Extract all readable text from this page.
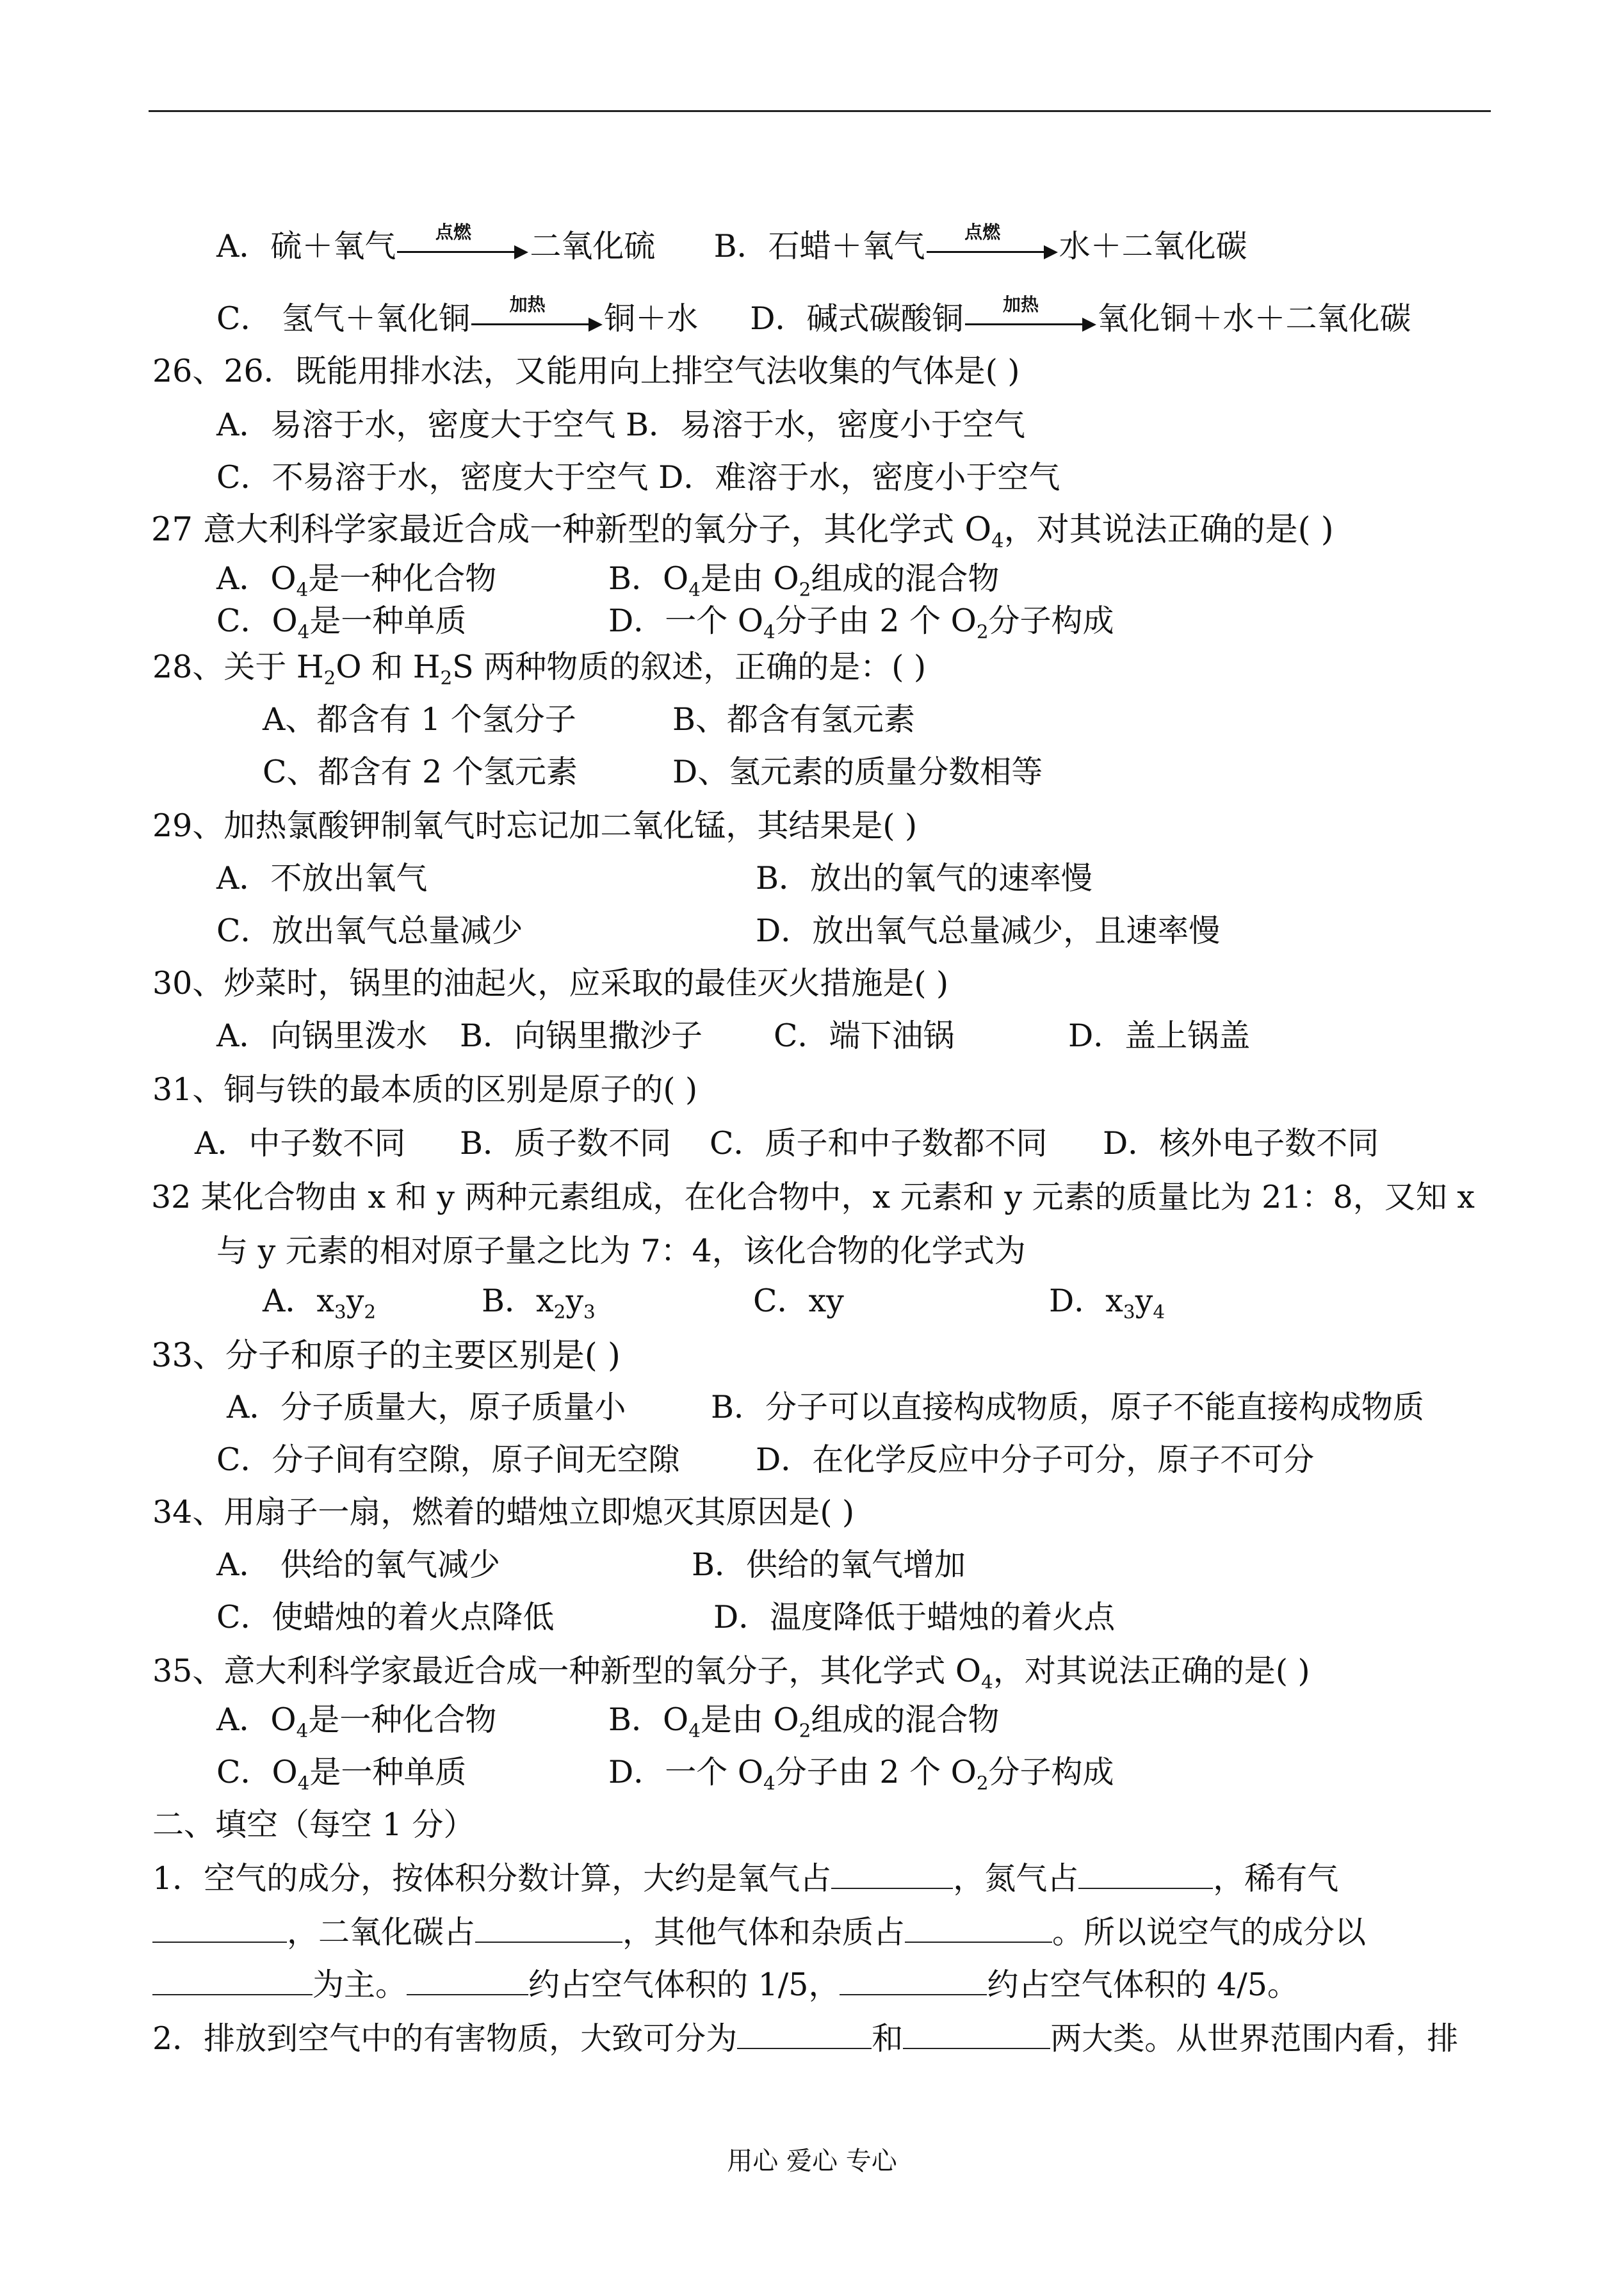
A．硫＋氧气	点燃	二氧化硫 B．石蜡＋氧气	点燃	水＋二氧化碳
C． 氢气＋氧化铜	加热	铜＋水 D．碱式碳酸铜	加热	氧化铜＋水＋二氧化碳
26、26．既能用排水法，又能用向上排空气法收集的气体是( )
A．易溶于水，密度大于空气 B．易溶于水，密度小于空气
C．不易溶于水，密度大于空气 D．难溶于水，密度小于空气
27 意大利科学家最近合成一种新型的氧分子，其化学式 $O_4$，对其说法正确的是( )
A．$O_4$是一种化合物	B．$O_4$是由 $O_2$组成的混合物
C．$O_4$是一种单质	D．一个 $O_4$分子由 2 个 $O_2$分子构成
28、关于 $H_2O$ 和 $H_2S$ 两种物质的叙述，正确的是：( )
A、都含有 1 个氢分子	B、都含有氢元素
C、都含有 2 个氢元素	D、氢元素的质量分数相等
29、加热氯酸钾制氧气时忘记加二氧化锰，其结果是( )
A．不放出氧气	B．放出的氧气的速率慢
C．放出氧气总量减少	D．放出氧气总量减少，且速率慢
30、炒菜时，锅里的油起火，应采取的最佳灭火措施是( )
A．向锅里泼水 B．向锅里撒沙子 C．端下油锅	D．盖上锅盖
31、铜与铁的最本质的区别是原子的( )
A．中子数不同 B．质子数不同 C．质子和中子数都不同 D．核外电子数不同
32 某化合物由 x 和 y 两种元素组成，在化合物中，x 元素和 y 元素的质量比为 21：8，又知 x
与 y 元素的相对原子量之比为 7：4，该化合物的化学式为
A．$x_3y_2$	B．$x_2y_3$	C．xy	D．$x_3y_4$
33、分子和原子的主要区别是( )
A．分子质量大，原子质量小	B．分子可以直接构成物质，原子不能直接构成物质
C．分子间有空隙，原子间无空隙 D．在化学反应中分子可分，原子不可分
34、用扇子一扇，燃着的蜡烛立即熄灭其原因是( )
A． 供给的氧气减少	B．供给的氧气增加
C．使蜡烛的着火点降低	D．温度降低于蜡烛的着火点
35、意大利科学家最近合成一种新型的氧分子，其化学式 $O_4$，对其说法正确的是( )
A．$O_4$是一种化合物	B．$O_4$是由 $O_2$组成的混合物
C．$O_4$是一种单质	D．一个 $O_4$分子由 2 个 $O_2$分子构成
二、填空（每空 1 分）
1．空气的成分，按体积分数计算，大约是氧气占	，氮气占	，稀有气
，二氧化碳占	，其他气体和杂质占	。所以说空气的成分以
为主。	约占空气体积的 1/5，	约占空气体积的 4/5。
2．排放到空气中的有害物质，大致可分为	和	两大类。从世界范围内看，排
用心 爱心 专心
